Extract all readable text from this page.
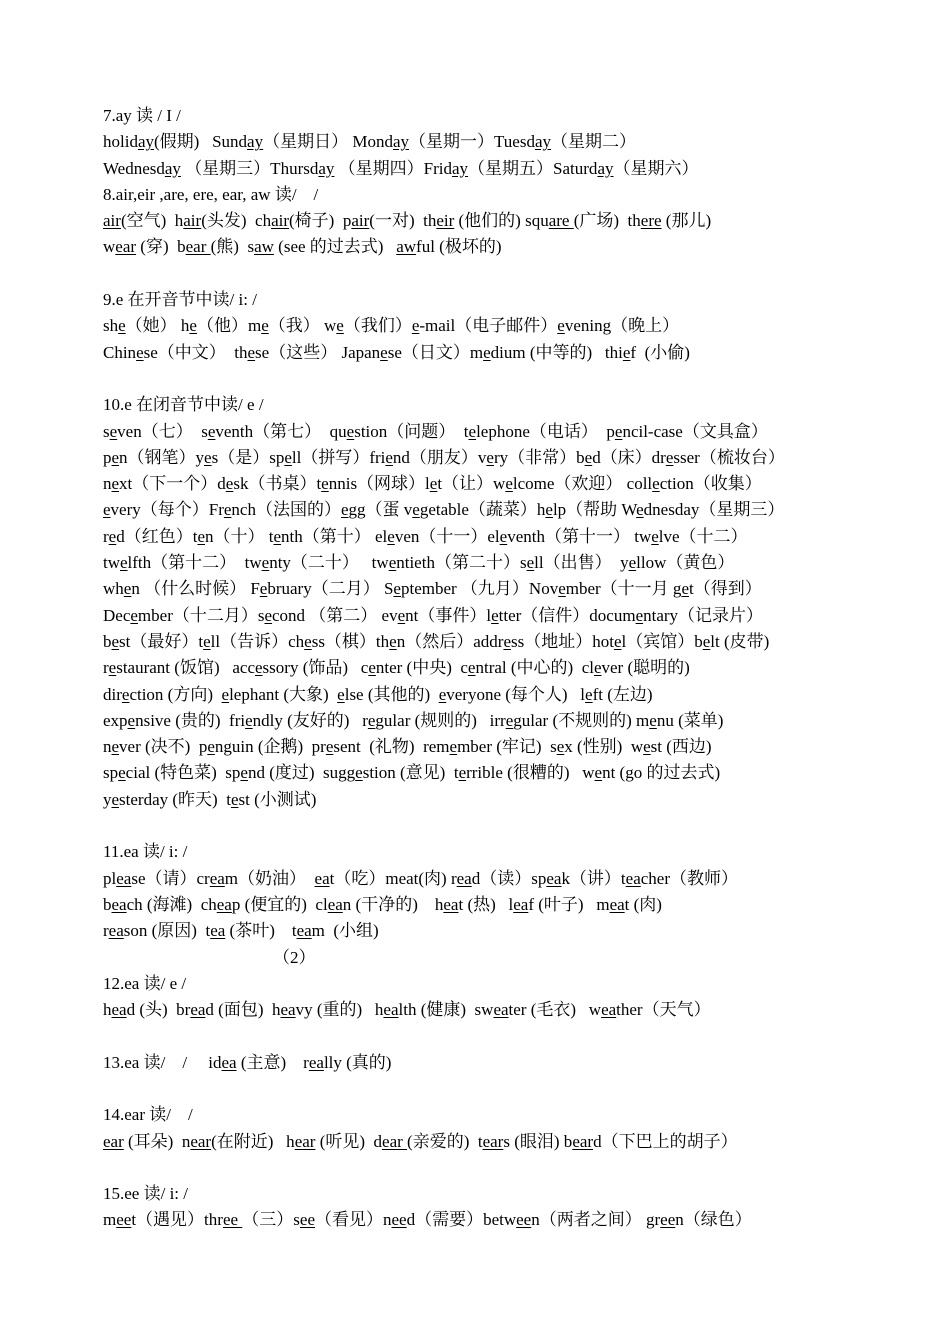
7.ay 读 / I /
holiday(假期)   Sunday（星期日） Monday（星期一）Tuesday（星期二）
Wednesday （星期三）Thursday （星期四）Friday（星期五）Saturday（星期六）
8.air,eir ,are, ere, ear, aw 读/    /
air(空气)  hair(头发)  chair(椅子)  pair(一对)  their (他们的) square (广场)  there (那儿)
wear (穿)  bear (熊)  saw (see 的过去式)   awful (极坏的)
9.e 在开音节中读/ i: /
she（她） he（他）me（我） we（我们）e-mail（电子邮件）evening（晚上）
Chinese（中文）  these（这些） Japanese（日文）medium (中等的)   thief  (小偷)
10.e 在闭音节中读/ e /
seven（七）  seventh（第七）  question（问题）  telephone（电话）  pencil-case（文具盒）
pen（钢笔）yes（是）spell（拼写）friend（朋友）very（非常）bed（床）dresser（梳妆台）
next（下一个）desk（书桌）tennis（网球）let（让）welcome（欢迎） collection（收集）
every（每个）French（法国的）egg（蛋 vegetable（蔬菜）help（帮助 Wednesday（星期三）
red（红色）ten（十） tenth（第十） eleven（十一）eleventh（第十一） twelve（十二）
twelfth（第十二）  twenty（二十）   twentieth（第二十）sell（出售）  yellow（黄色）
when （什么时候） February（二月） September （九月）November（十一月 get（得到）
December（十二月）second （第二） event（事件）letter（信件）documentary（记录片）
best（最好）tell（告诉）chess（棋）then（然后）address（地址）hotel（宾馆）belt (皮带)
restaurant (饭馆)   accessory (饰品)   center (中央)  central (中心的)  clever (聪明的)
direction (方向)  elephant (大象)  else (其他的)  everyone (每个人)   left (左边)
expensive (贵的)  friendly (友好的)   regular (规则的)   irregular (不规则的) menu (菜单)
never (决不)  penguin (企鹅)  present  (礼物)  remember (牢记)  sex (性别)  west (西边)
special (特色菜)  spend (度过)  suggestion (意见)  terrible (很糟的)   went (go 的过去式)
yesterday (昨天)  test (小测试)
11.ea 读/ i: /
please（请）cream（奶油）  eat（吃）meat(肉) read（读）speak（讲）teacher（教师）
beach (海滩)  cheap (便宜的)  clean (干净的)    heat (热)   leaf (叶子)   meat (肉)
reason (原因)  tea (茶叶)    team  (小组)
（2）
12.ea 读/ e /
head (头)  bread (面包)  heavy (重的)   health (健康)  sweater (毛衣)   weather（天气）
13.ea 读/    /     idea (主意)    really (真的)
14.ear 读/    /
ear (耳朵)  near(在附近)   hear (听见)  dear (亲爱的)  tears (眼泪) beard（下巴上的胡子）
15.ee 读/ i: /
meet（遇见）three （三）see（看见）need（需要）between（两者之间） green（绿色）
